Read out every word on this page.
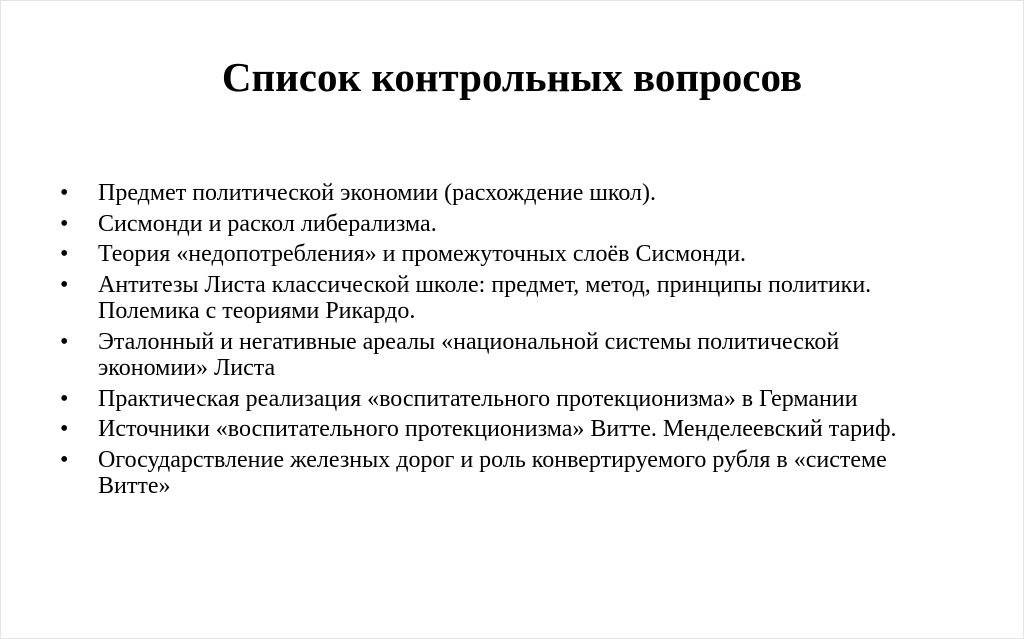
Список контрольных вопросов
• Предмет политической экономии (расхождение школ).
• Сисмонди и раскол либерализма.
• Теория «недопотребления» и промежуточных слоёв Сисмонди.
• Антитезы Листа классической школе: предмет, метод, принципы политики. Полемика с теориями Рикардо.
• Эталонный и негативные ареалы «национальной системы политической экономии» Листа
• Практическая реализация «воспитательного протекционизма» в Германии
• Источники «воспитательного протекционизма» Витте. Менделеевский тариф.
• Огосударствление железных дорог и роль конвертируемого рубля в «системе Витте»
